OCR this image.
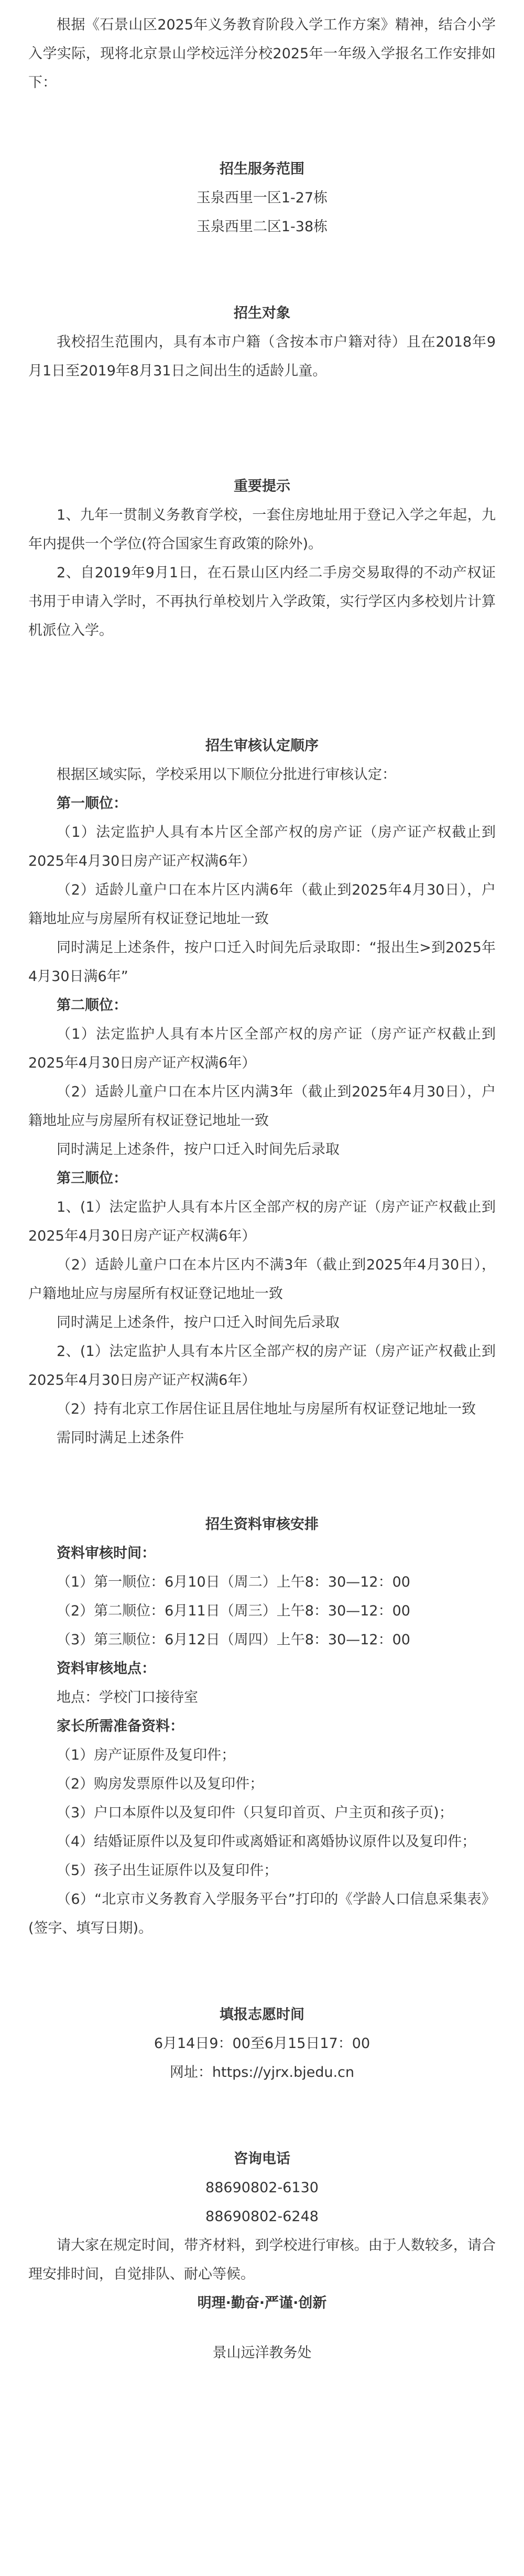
根据《石景山区2025年义务教育阶段入学工作方案》精神，结合小学入学实际，现将北京景山学校远洋分校2025年一年级入学报名工作安排如下：

招生服务范围

玉泉西里一区1-27栋

玉泉西里二区1-38栋

招生对象

我校招生范围内，具有本市户籍（含按本市户籍对待）且在2018年9月1日至2019年8月31日之间出生的适龄儿童。

重要提示

1、九年一贯制义务教育学校，一套住房地址用于登记入学之年起，九年内提供一个学位(符合国家生育政策的除外)。

2、自2019年9月1日，在石景山区内经二手房交易取得的不动产权证书用于申请入学时，不再执行单校划片入学政策，实行学区内多校划片计算机派位入学。

招生审核认定顺序

根据区域实际，学校采用以下顺位分批进行审核认定：

第一顺位：

（1）法定监护人具有本片区全部产权的房产证（房产证产权截止到2025年4月30日房产证产权满6年）

（2）适龄儿童户口在本片区内满6年（截止到2025年4月30日），户籍地址应与房屋所有权证登记地址一致

同时满足上述条件，按户口迁入时间先后录取即：“报出生>到2025年4月30日满6年”

第二顺位：

（1）法定监护人具有本片区全部产权的房产证（房产证产权截止到2025年4月30日房产证产权满6年）

（2）适龄儿童户口在本片区内满3年（截止到2025年4月30日），户籍地址应与房屋所有权证登记地址一致

同时满足上述条件，按户口迁入时间先后录取

第三顺位：

1、(1）法定监护人具有本片区全部产权的房产证（房产证产权截止到2025年4月30日房产证产权满6年）

（2）适龄儿童户口在本片区内不满3年（截止到2025年4月30日），户籍地址应与房屋所有权证登记地址一致

同时满足上述条件，按户口迁入时间先后录取

2、(1）法定监护人具有本片区全部产权的房产证（房产证产权截止到2025年4月30日房产证产权满6年）

（2）持有北京工作居住证且居住地址与房屋所有权证登记地址一致

需同时满足上述条件

招生资料审核安排

资料审核时间：

（1）第一顺位：6月10日（周二）上午8：30—12：00

（2）第二顺位：6月11日（周三）上午8：30—12：00

（3）第三顺位：6月12日（周四）上午8：30—12：00

资料审核地点：

地点：学校门口接待室

家长所需准备资料：

（1）房产证原件及复印件；

（2）购房发票原件以及复印件；

（3）户口本原件以及复印件（只复印首页、户主页和孩子页)；

（4）结婚证原件以及复印件或离婚证和离婚协议原件以及复印件；

（5）孩子出生证原件以及复印件；

（6）“北京市义务教育入学服务平台”打印的《学龄人口信息采集表》(签字、填写日期)。

填报志愿时间

6月14日9：00至6月15日17：00

网址：https://yjrx.bjedu.cn

咨询电话

88690802-6130

88690802-6248

请大家在规定时间，带齐材料，到学校进行审核。由于人数较多，请合理安排时间，自觉排队、耐心等候。

明理·勤奋·严谨·创新

景山远洋教务处
